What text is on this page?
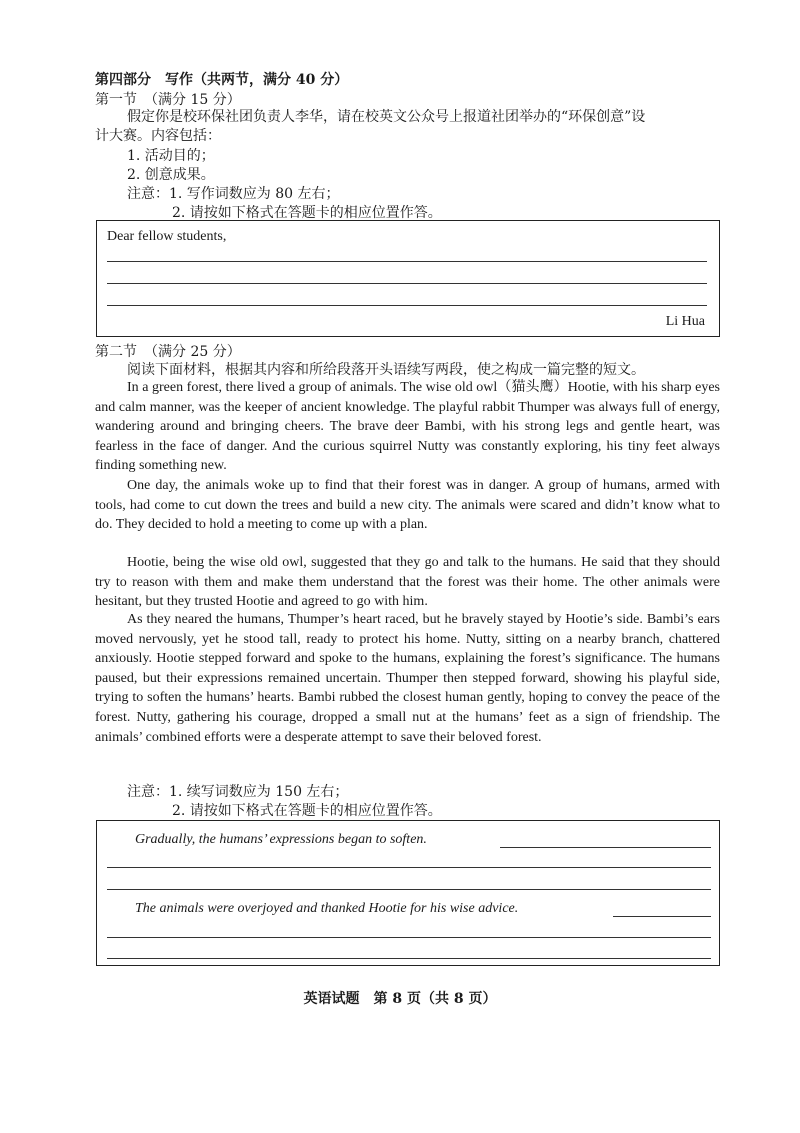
第四部分　写作（共两节，满分 40 分）
第一节　（满分 15 分）
假定你是校环保社团负责人李华，请在校英文公众号上报道社团举办的“环保创意”设
计大赛。内容包括：
1. 活动目的；
2. 创意成果。
注意：1. 写作词数应为 80 左右；
2. 请按如下格式在答题卡的相应位置作答。
Dear fellow students,
Li Hua
第二节　（满分 25 分）
阅读下面材料，根据其内容和所给段落开头语续写两段，使之构成一篇完整的短文。
In a green forest, there lived a group of animals. The wise old owl（猫头鹰）Hootie, with his sharp eyes and calm manner, was the keeper of ancient knowledge. The playful rabbit Thumper was always full of energy, wandering around and bringing cheers. The brave deer Bambi, with his strong legs and gentle heart, was fearless in the face of danger. And the curious squirrel Nutty was constantly exploring, his tiny feet always finding something new.
One day, the animals woke up to find that their forest was in danger. A group of humans, armed with tools, had come to cut down the trees and build a new city. The animals were scared and didn’t know what to do. They decided to hold a meeting to come up with a plan.
Hootie, being the wise old owl, suggested that they go and talk to the humans. He said that they should try to reason with them and make them understand that the forest was their home. The other animals were hesitant, but they trusted Hootie and agreed to go with him.
As they neared the humans, Thumper’s heart raced, but he bravely stayed by Hootie’s side. Bambi’s ears moved nervously, yet he stood tall, ready to protect his home. Nutty, sitting on a nearby branch, chattered anxiously. Hootie stepped forward and spoke to the humans, explaining the forest’s significance. The humans paused, but their expressions remained uncertain. Thumper then stepped forward, showing his playful side, trying to soften the humans’ hearts. Bambi rubbed the closest human gently, hoping to convey the peace of the forest. Nutty, gathering his courage, dropped a small nut at the humans’ feet as a sign of friendship. The animals’ combined efforts were a desperate attempt to save their beloved forest.
注意：1. 续写词数应为 150 左右；
2. 请按如下格式在答题卡的相应位置作答。
Gradually, the humans’ expressions began to soften.
The animals were overjoyed and thanked Hootie for his wise advice.
英语试题　第 8 页（共 8 页）
